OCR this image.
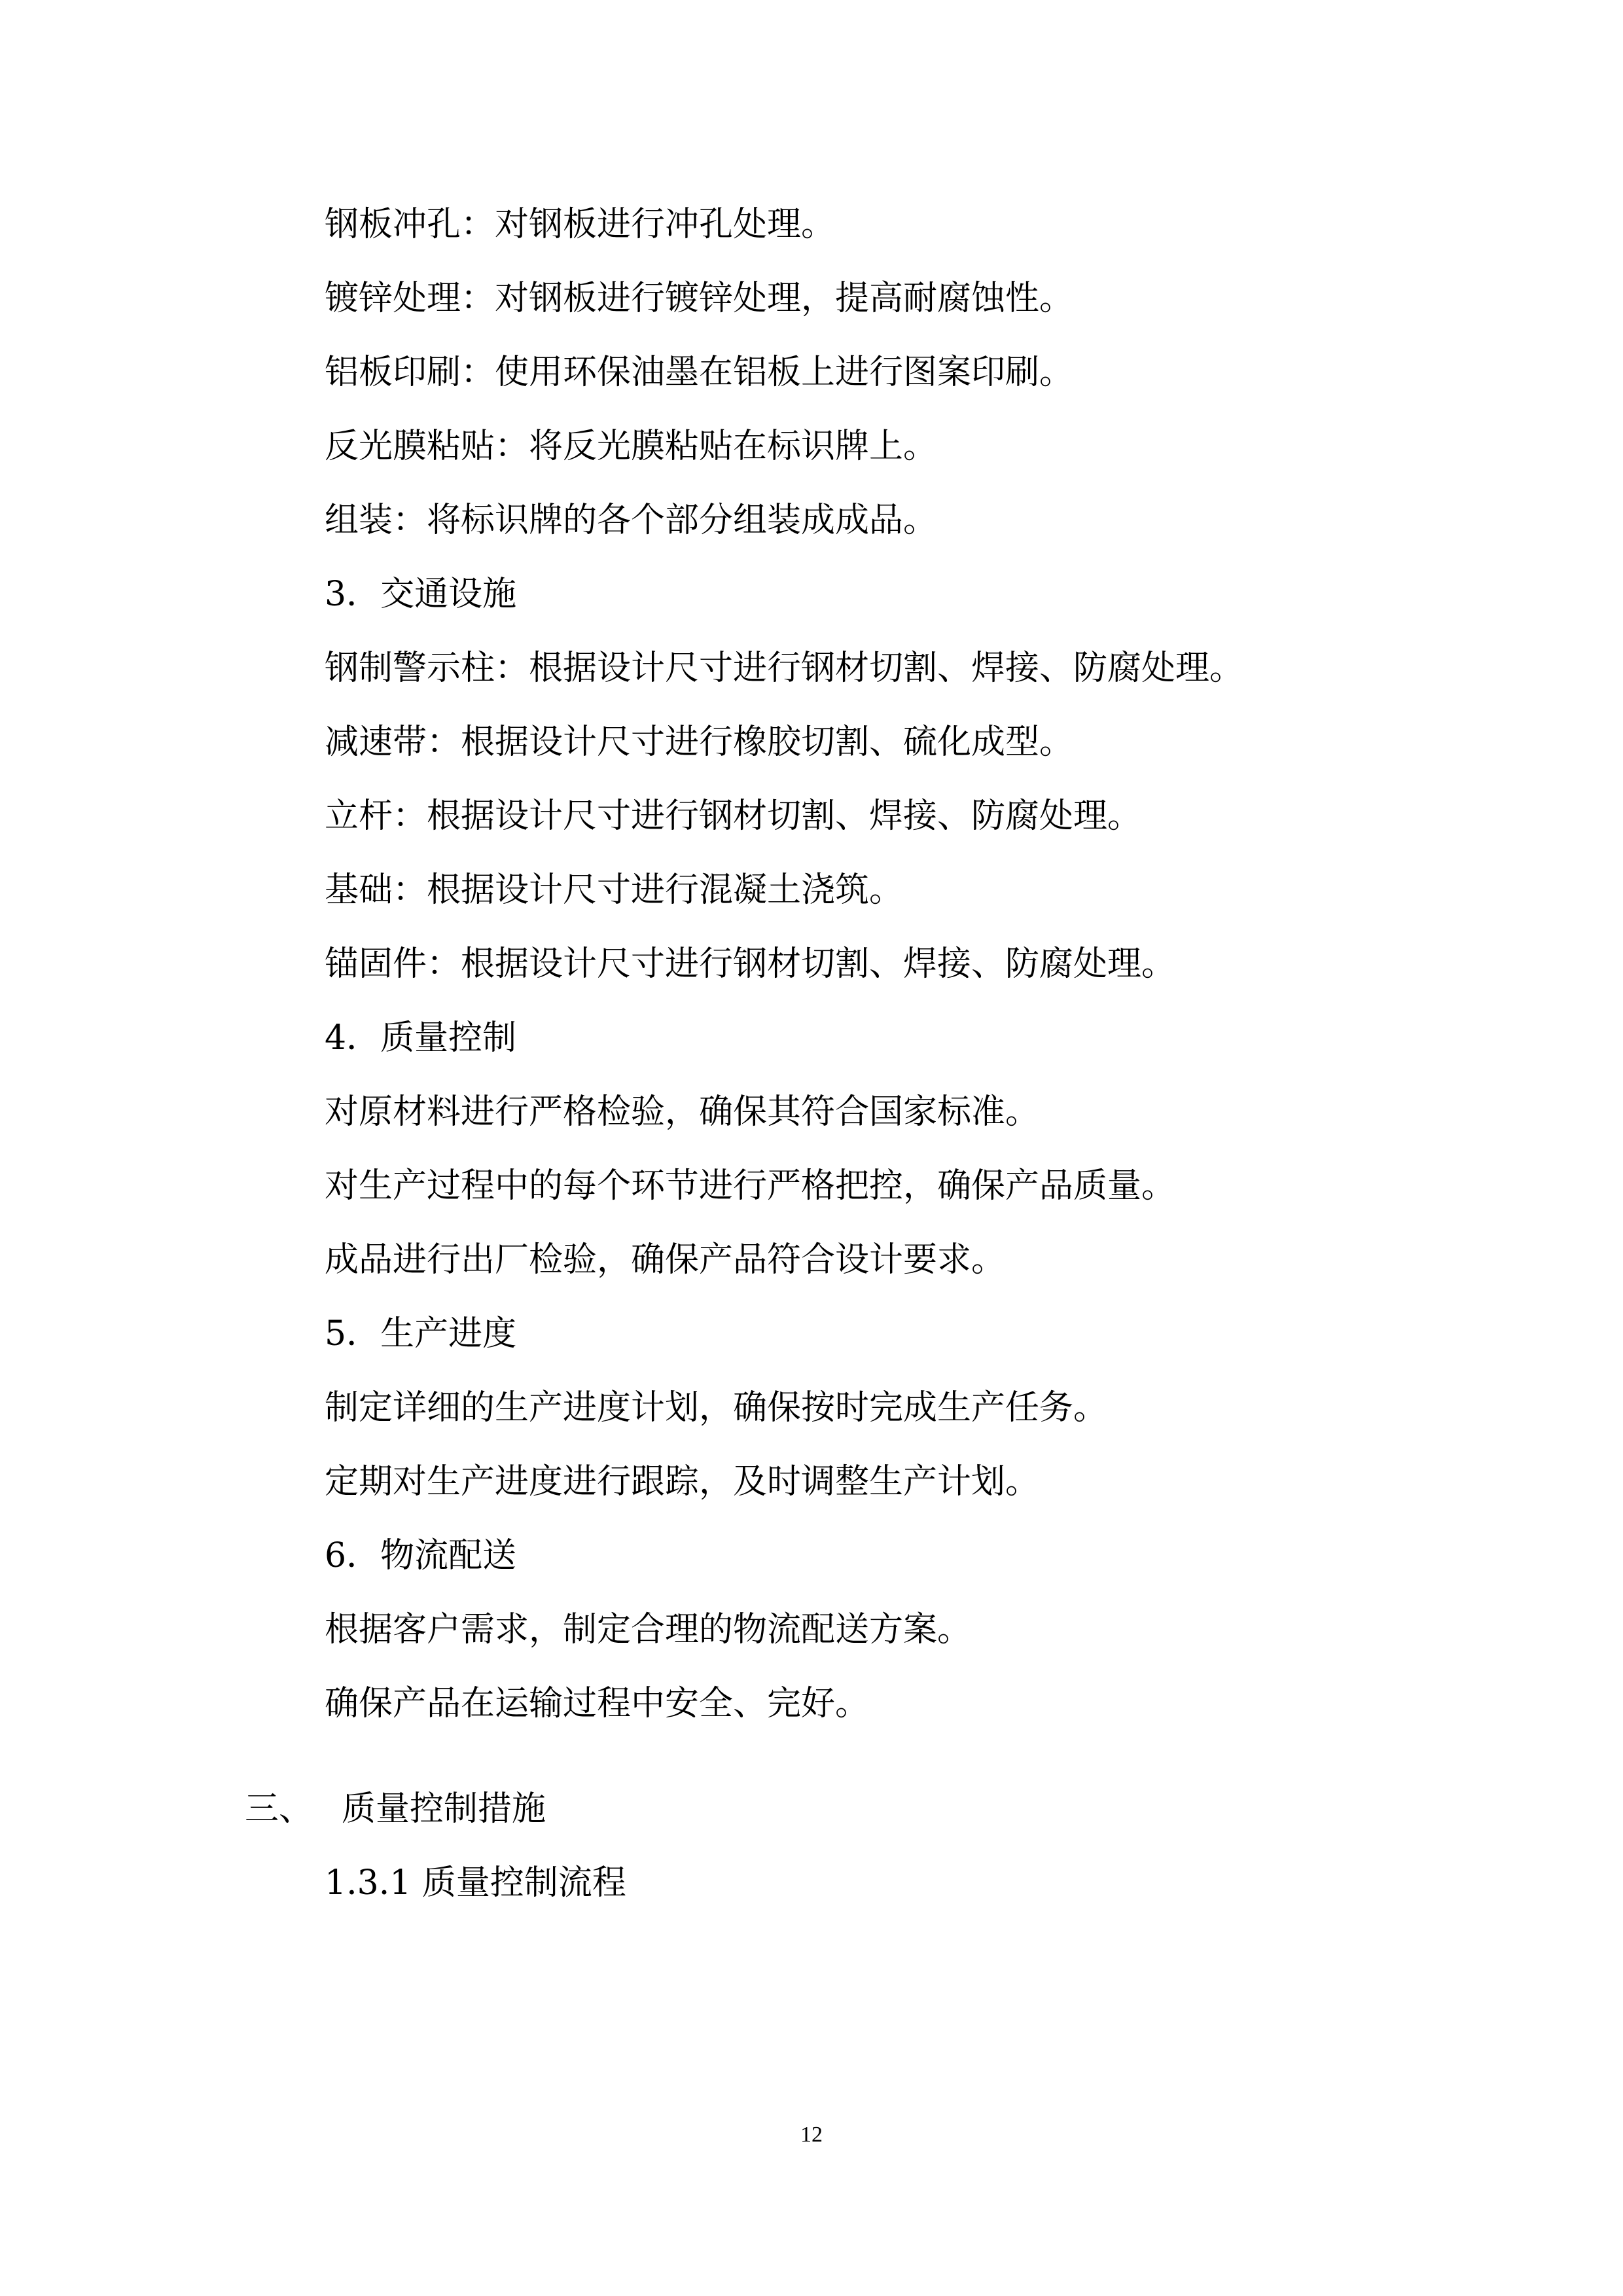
钢板冲孔：对钢板进行冲孔处理。
镀锌处理：对钢板进行镀锌处理，提高耐腐蚀性。
铝板印刷：使用环保油墨在铝板上进行图案印刷。
反光膜粘贴：将反光膜粘贴在标识牌上。
组装：将标识牌的各个部分组装成成品。
3．交通设施
钢制警示柱：根据设计尺寸进行钢材切割、焊接、防腐处理。
减速带：根据设计尺寸进行橡胶切割、硫化成型。
立杆：根据设计尺寸进行钢材切割、焊接、防腐处理。
基础：根据设计尺寸进行混凝土浇筑。
锚固件：根据设计尺寸进行钢材切割、焊接、防腐处理。
4．质量控制
对原材料进行严格检验，确保其符合国家标准。
对生产过程中的每个环节进行严格把控，确保产品质量。
成品进行出厂检验，确保产品符合设计要求。
5．生产进度
制定详细的生产进度计划，确保按时完成生产任务。
定期对生产进度进行跟踪，及时调整生产计划。
6．物流配送
根据客户需求，制定合理的物流配送方案。
确保产品在运输过程中安全、完好。
三、 质量控制措施
1.3.1 质量控制流程
12
